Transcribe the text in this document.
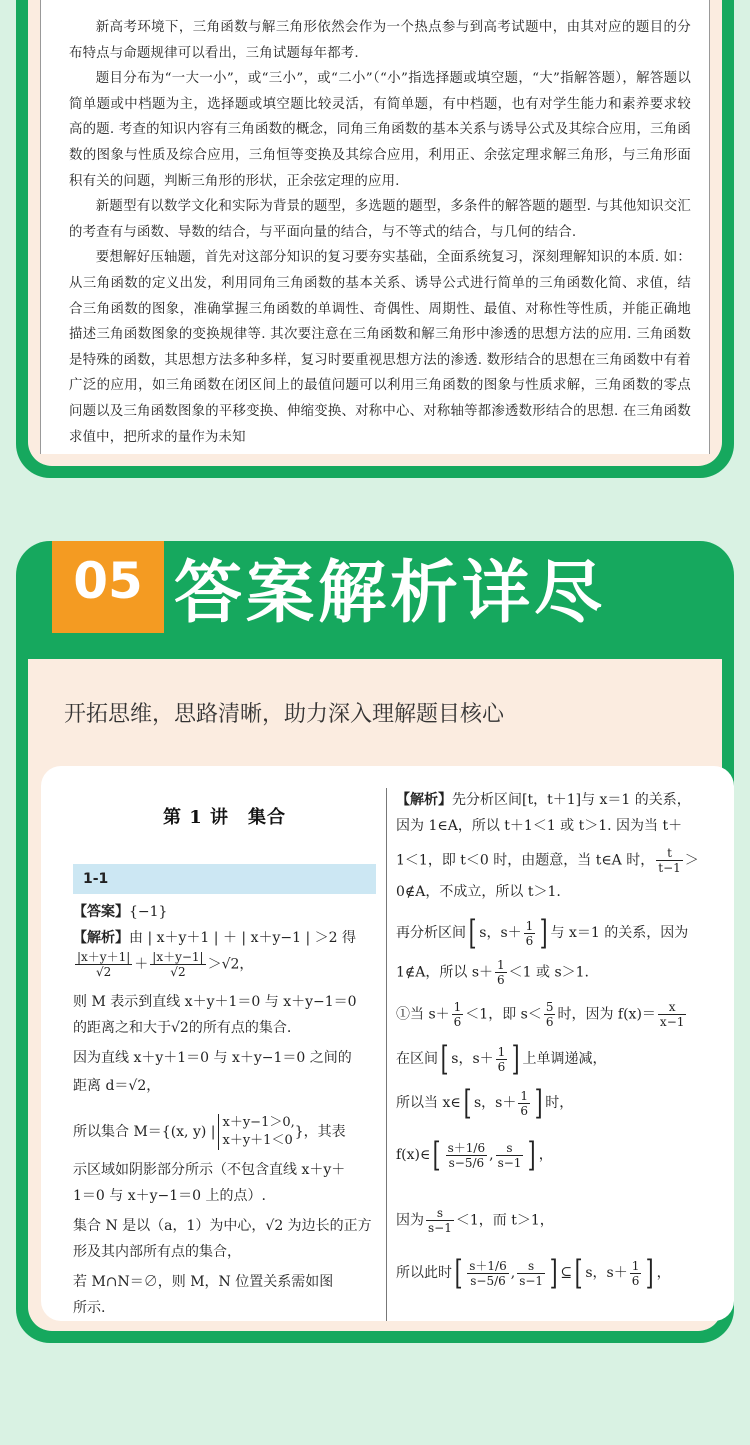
新高考环境下，三角函数与解三角形依然会作为一个热点参与到高考试题中，由其对应的题目的分布特点与命题规律可以看出，三角试题每年都考.

题目分布为“一大一小”，或“三小”，或“二小”（“小”指选择题或填空题，“大”指解答题），解答题以简单题或中档题为主，选择题或填空题比较灵活，有简单题，有中档题，也有对学生能力和素养要求较高的题. 考查的知识内容有三角函数的概念，同角三角函数的基本关系与诱导公式及其综合应用，三角函数的图象与性质及综合应用，三角恒等变换及其综合应用，利用正、余弦定理求解三角形，与三角形面积有关的问题，判断三角形的形状，正余弦定理的应用.

新题型有以数学文化和实际为背景的题型，多选题的题型，多条件的解答题的题型. 与其他知识交汇的考查有与函数、导数的结合，与平面向量的结合，与不等式的结合，与几何的结合.

要想解好压轴题，首先对这部分知识的复习要夯实基础，全面系统复习，深刻理解知识的本质. 如：从三角函数的定义出发，利用同角三角函数的基本关系、诱导公式进行简单的三角函数化简、求值，结合三角函数的图象，准确掌握三角函数的单调性、奇偶性、周期性、最值、对称性等性质，并能正确地描述三角函数图象的变换规律等. 其次要注意在三角函数和解三角形中渗透的思想方法的应用. 三角函数是特殊的函数，其思想方法多种多样，复习时要重视思想方法的渗透. 数形结合的思想在三角函数中有着广泛的应用，如三角函数在闭区间上的最值问题可以利用三角函数的图象与性质求解，三角函数的零点问题以及三角函数图象的平移变换、伸缩变换、对称中心、对称轴等都渗透数形结合的思想. 在三角函数求值中，把所求的量作为未知

05 答案解析详尽
开拓思维，思路清晰，助力深入理解题目核心
第 1 讲　集合
1-1
【答案】{−1}
【解析】由 | x＋y＋1 | ＋ | x＋y−1 | ＞2 得
$\frac{|x+y+1|}{√2} + \frac{|x+y-1|}{√2} >√2$，
则 M 表示到直线 x＋y＋1＝0 与 x＋y−1＝0
的距离之和大于√2的所有点的集合.
因为直线 x＋y＋1＝0 与 x＋y−1＝0 之间的
距离 d＝√2，
所以集合 M＝{(x, y) |
x＋y−1＞0,
x＋y＋1＜0
}，其表
示区域如阴影部分所示（不包含直线 x＋y＋
1＝0 与 x＋y−1＝0 上的点）.
集合 N 是以（a，1）为中心，√2 为边长的正方
形及其内部所有点的集合，
若 M∩N＝∅，则 M，N 位置关系需如图
所示.
【解析】先分析区间[t，t＋1]与 x＝1 的关系，
因为 1∈A，所以 t＋1＜1 或 t＞1. 因为当 t＋
1＜1，即 t＜0 时，由题意，当 t∈A 时， $\frac{t}{t-1}$ ＞
0∉A，不成立，所以 t＞1.
再分析区间[ s，$s+ \frac{1}{6}$ ] 与 x＝1 的关系，因为
1∉A，所以 $s+ \frac{1}{6} <1$ 或 s＞1.
①当 $s+ \frac{1}{6} <1$，即 $s< \frac{5}{6}$ 时，因为 $f(x)= \frac{x}{x-1}$
在区间[ s，$s+ \frac{1}{6}$ ] 上单调递减，
所以当 x∈[ s，$s+ \frac{1}{6}$ ] 时，
f(x)∈[ $\frac{s+1/6}{s-5/6}$ , $\frac{s}{s-1}$ ] ，
因为 $\frac{s}{s-1} <1$，而 t＞1，
所以此时[ $\frac{s+1/6}{s-5/6}$ , $\frac{s}{s-1}$ ] ⊆[ s，$s+ \frac{1}{6}$ ] ，
